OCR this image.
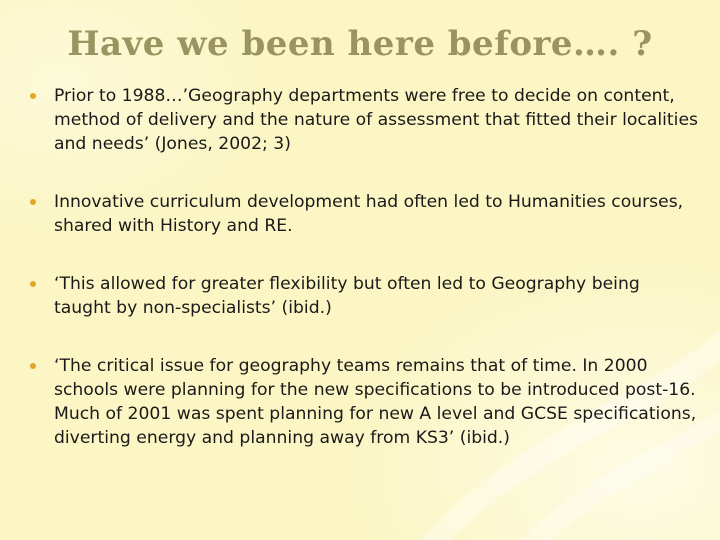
Have we been here before…. ?
Prior to 1988…’Geography departments were free to decide on content, method of delivery and the nature of assessment that fitted their localities and needs’ (Jones, 2002; 3)
Innovative curriculum development had often led to Humanities courses, shared with History and RE.
‘This allowed for greater flexibility but often led to Geography being taught by non-specialists’ (ibid.)
‘The critical issue for geography teams remains that of time. In 2000 schools were planning for the new specifications to be introduced post-16. Much of 2001 was spent planning for new A level and GCSE specifications, diverting energy and planning away from KS3’ (ibid.)
